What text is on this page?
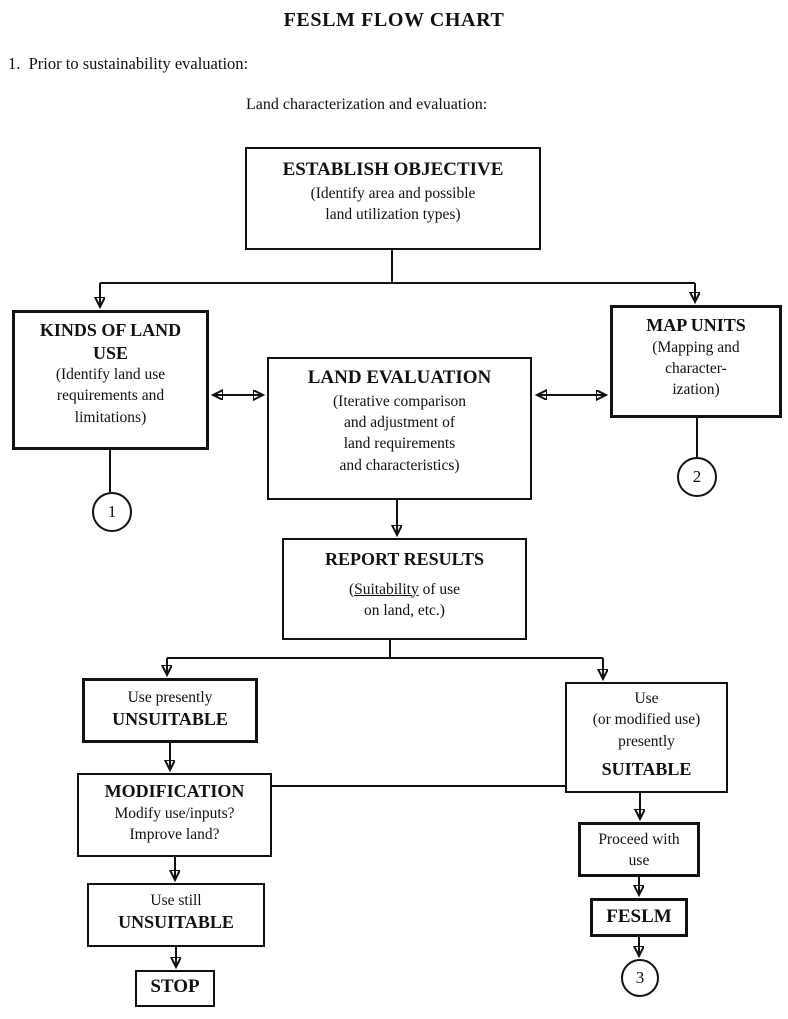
FESLM FLOW CHART
1.  Prior to sustainability evaluation:
Land characterization and evaluation:
ESTABLISH OBJECTIVE
(Identify area and possible
land utilization types)
KINDS OF LAND
USE
(Identify land use
requirements and
limitations)
LAND EVALUATION
(Iterative comparison
and adjustment of
land requirements
and characteristics)
MAP UNITS
(Mapping and
character-
ization)
REPORT RESULTS
(Suitability of use
on land, etc.)
Use presently
UNSUITABLE
Use
(or modified use)
presently
SUITABLE
MODIFICATION
Modify use/inputs?
Improve land?
Use still
UNSUITABLE
STOP
Proceed with
use
FESLM
1
2
3
